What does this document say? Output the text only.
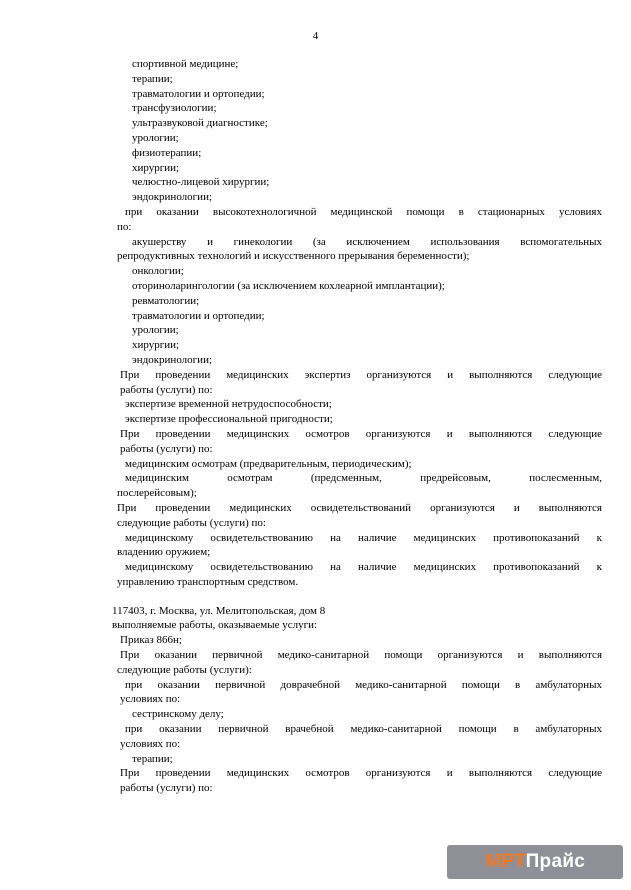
4
спортивной медицине;
терапии;
травматологии и ортопедии;
трансфузиологии;
ультразвуковой диагностике;
урологии;
физиотерапии;
хирургии;
челюстно-лицевой хирургии;
эндокринологии;
при оказании высокотехнологичной медицинской помощи в стационарных условиях
по:
акушерству и гинекологии (за исключением использования вспомогательных
репродуктивных технологий и искусственного прерывания беременности);
онкологии;
оториноларингологии (за исключением кохлеарной имплантации);
ревматологии;
травматологии и ортопедии;
урологии;
хирургии;
эндокринологии;
При проведении медицинских экспертиз организуются и выполняются следующие
работы (услуги) по:
экспертизе временной нетрудоспособности;
экспертизе профессиональной пригодности;
При проведении медицинских осмотров организуются и выполняются следующие
работы (услуги) по:
медицинским осмотрам (предварительным, периодическим);
медицинским осмотрам (предсменным, предрейсовым, послесменным,
послерейсовым);
При проведении медицинских освидетельствований организуются и выполняются
следующие работы (услуги) по:
медицинскому освидетельствованию на наличие медицинских противопоказаний к
владению оружием;
медицинскому освидетельствованию на наличие медицинских противопоказаний к
управлению транспортным средством.
117403, г. Москва, ул. Мелитопольская, дом 8
выполняемые работы, оказываемые услуги:
Приказ 866н;
При оказании первичной медико-санитарной помощи организуются и выполняются
следующие работы (услуги):
при оказании первичной доврачебной медико-санитарной помощи в амбулаторных
условиях по:
сестринскому делу;
при оказании первичной врачебной медико-санитарной помощи в амбулаторных
условиях по:
терапии;
При проведении медицинских осмотров организуются и выполняются следующие
работы (услуги) по:
МРТ Прайс
